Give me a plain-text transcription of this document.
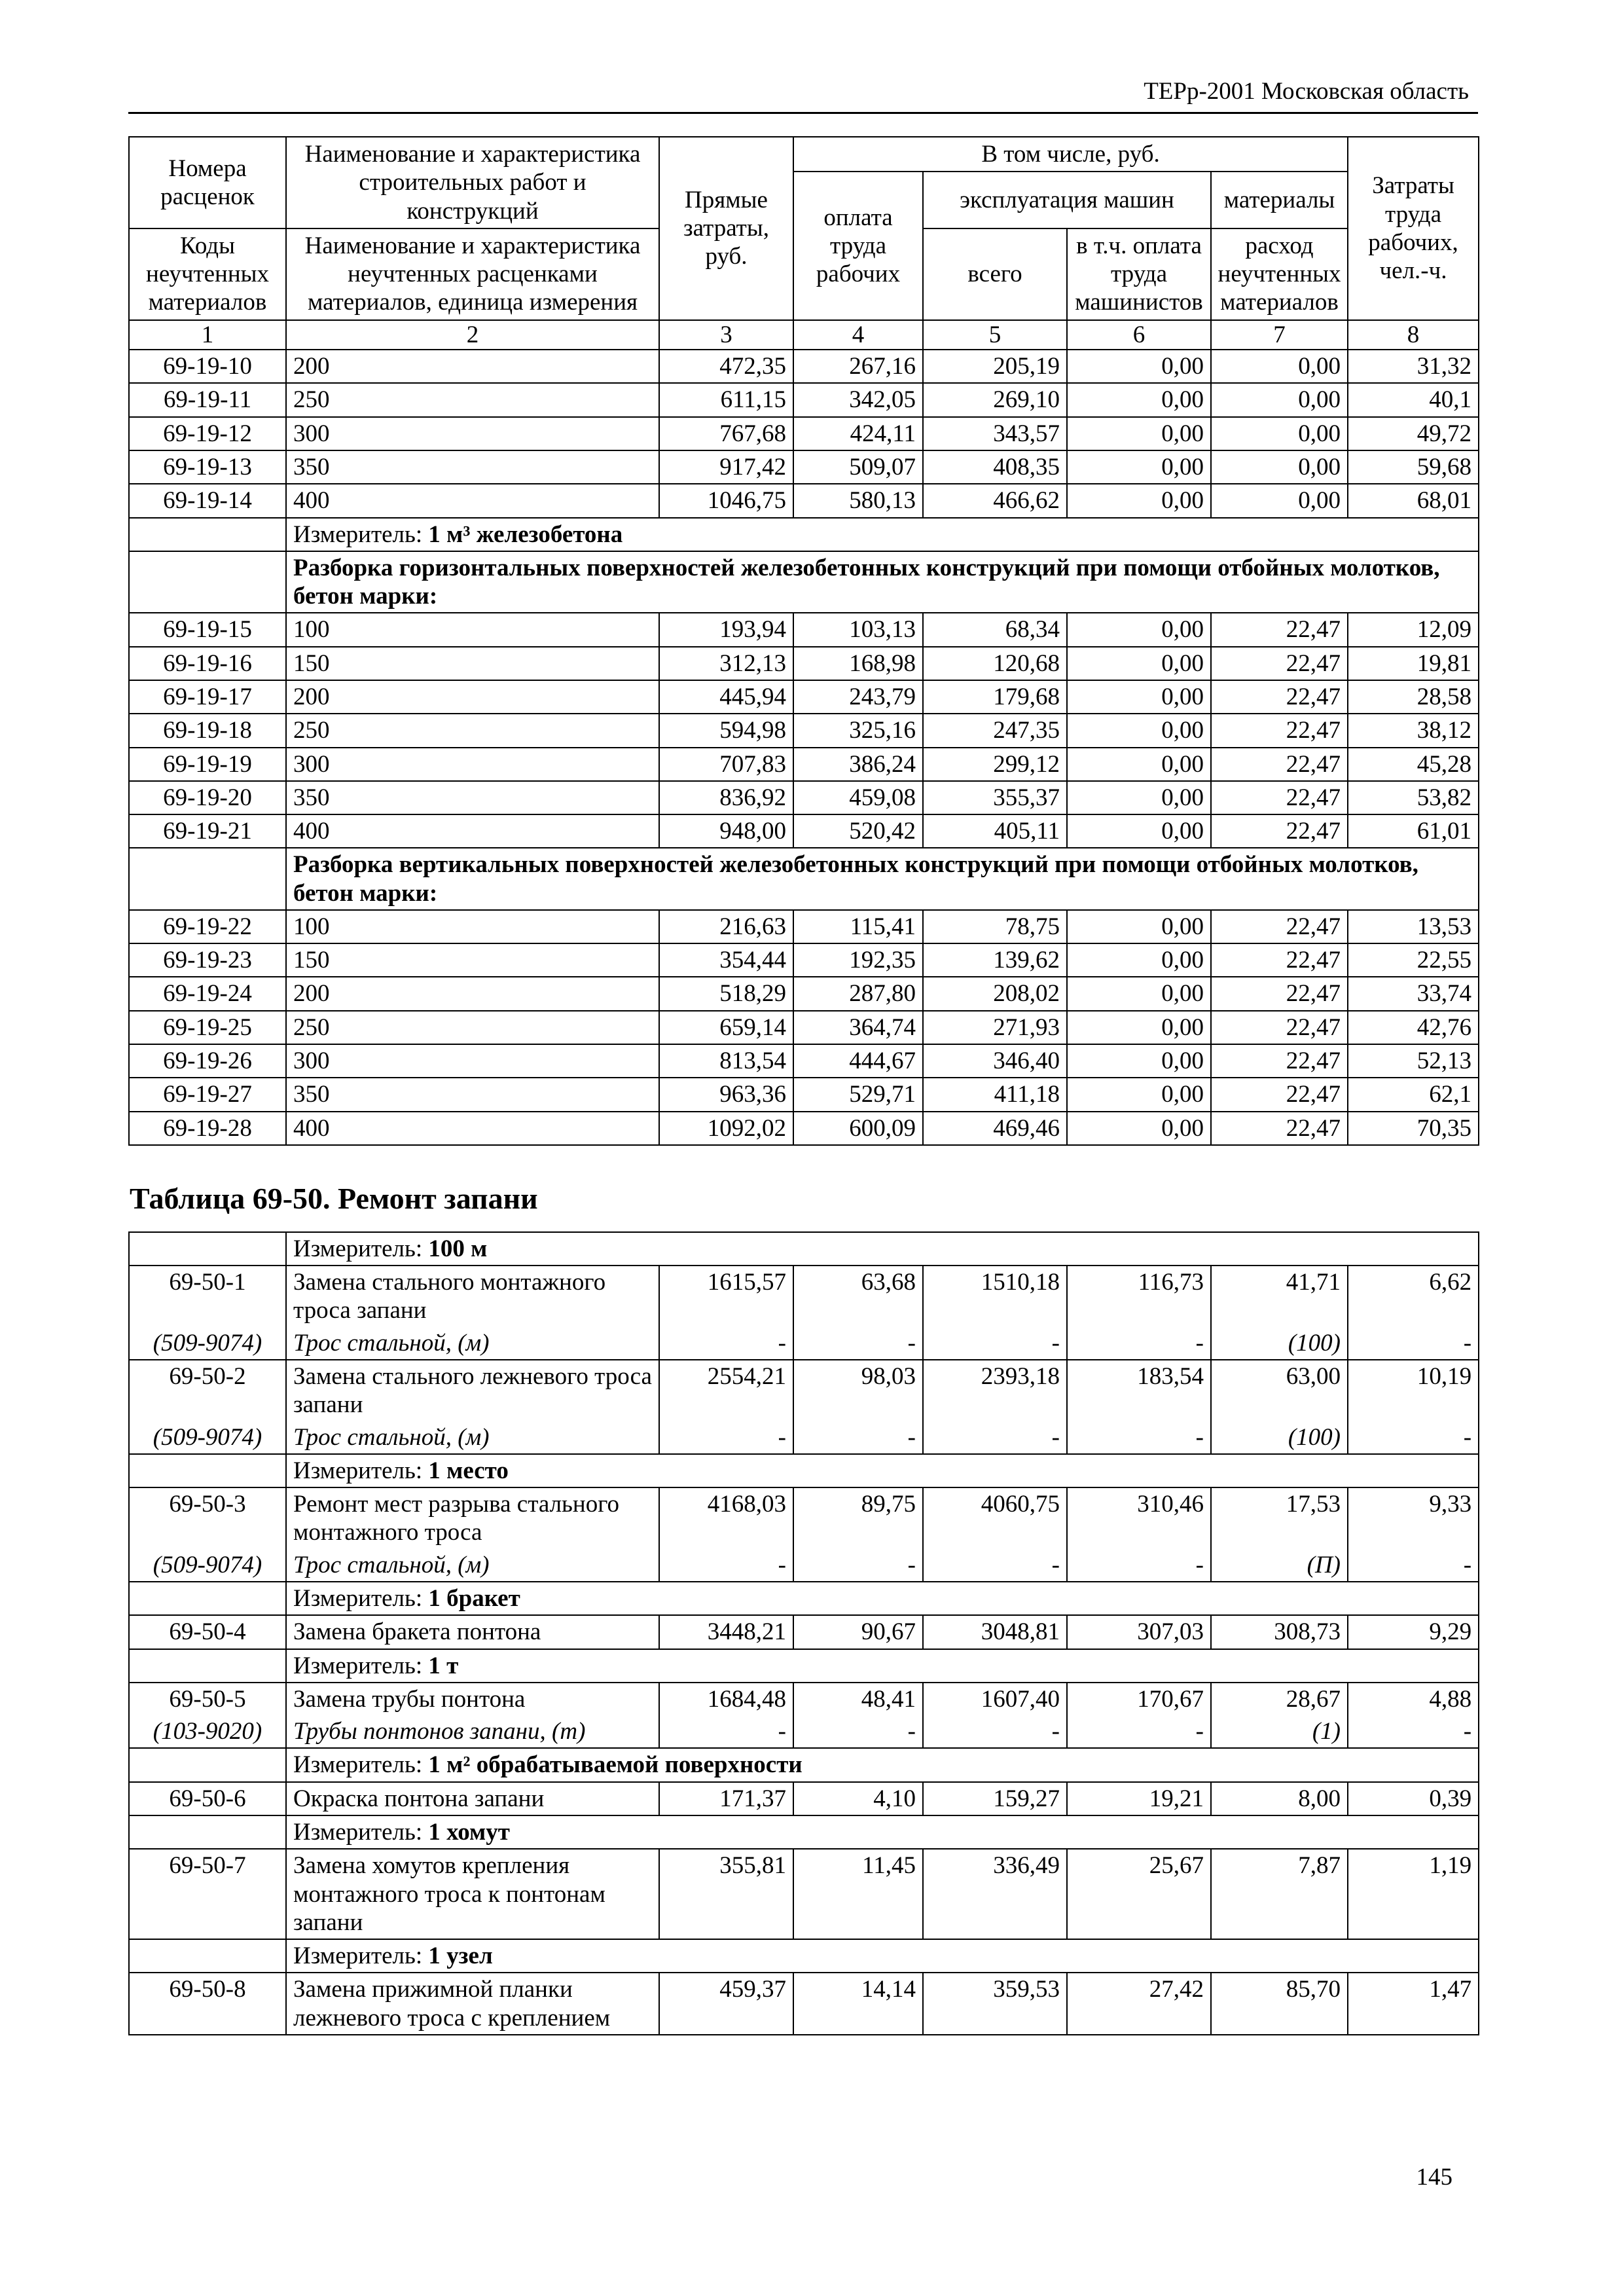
ТЕРр-2001 Московская область
Номера расценок	Наименование и характеристика строительных работ и конструкций	Прямые затраты, руб.	В том числе, руб.				Затраты труда рабочих, чел.-ч.
			оплата труда рабочих	эксплуатация машин		материалы	
Коды неучтенных материалов	Наименование и характеристика неучтенных расценками материалов, единица измерения			всего	в т.ч. оплата труда машинистов	расход неучтенных материалов	
1	2	3	4	5	6	7	8
69-19-10	200	472,35	267,16	205,19	0,00	0,00	31,32
69-19-11	250	611,15	342,05	269,10	0,00	0,00	40,1
69-19-12	300	767,68	424,11	343,57	0,00	0,00	49,72
69-19-13	350	917,42	509,07	408,35	0,00	0,00	59,68
69-19-14	400	1046,75	580,13	466,62	0,00	0,00	68,01
	Измеритель: 1 м³ железобетона						
	Разборка горизонтальных поверхностей железобетонных конструкций при помощи отбойных молотков, бетон марки:						
69-19-15	100	193,94	103,13	68,34	0,00	22,47	12,09
69-19-16	150	312,13	168,98	120,68	0,00	22,47	19,81
69-19-17	200	445,94	243,79	179,68	0,00	22,47	28,58
69-19-18	250	594,98	325,16	247,35	0,00	22,47	38,12
69-19-19	300	707,83	386,24	299,12	0,00	22,47	45,28
69-19-20	350	836,92	459,08	355,37	0,00	22,47	53,82
69-19-21	400	948,00	520,42	405,11	0,00	22,47	61,01
	Разборка вертикальных поверхностей железобетонных конструкций при помощи отбойных молотков, бетон марки:						
69-19-22	100	216,63	115,41	78,75	0,00	22,47	13,53
69-19-23	150	354,44	192,35	139,62	0,00	22,47	22,55
69-19-24	200	518,29	287,80	208,02	0,00	22,47	33,74
69-19-25	250	659,14	364,74	271,93	0,00	22,47	42,76
69-19-26	300	813,54	444,67	346,40	0,00	22,47	52,13
69-19-27	350	963,36	529,71	411,18	0,00	22,47	62,1
69-19-28	400	1092,02	600,09	469,46	0,00	22,47	70,35
Таблица 69-50. Ремонт запани
	Измеритель: 100 м						
69-50-1	Замена стального монтажного троса запани	1615,57	63,68	1510,18	116,73	41,71	6,62
(509-9074)	Трос стальной, (м)	-	-	-	-	(100)	-
69-50-2	Замена стального лежневого троса запани	2554,21	98,03	2393,18	183,54	63,00	10,19
(509-9074)	Трос стальной, (м)	-	-	-	-	(100)	-
	Измеритель: 1 место						
69-50-3	Ремонт мест разрыва стального монтажного троса	4168,03	89,75	4060,75	310,46	17,53	9,33
(509-9074)	Трос стальной, (м)	-	-	-	-	(П)	-
	Измеритель: 1 бракет						
69-50-4	Замена бракета понтона	3448,21	90,67	3048,81	307,03	308,73	9,29
	Измеритель: 1 т						
69-50-5	Замена трубы понтона	1684,48	48,41	1607,40	170,67	28,67	4,88
(103-9020)	Трубы понтонов запани, (т)	-	-	-	-	(1)	-
	Измеритель: 1 м² обрабатываемой поверхности						
69-50-6	Окраска понтона запани	171,37	4,10	159,27	19,21	8,00	0,39
	Измеритель: 1 хомут						
69-50-7	Замена хомутов крепления монтажного троса к понтонам запани	355,81	11,45	336,49	25,67	7,87	1,19
	Измеритель: 1 узел						
69-50-8	Замена прижимной планки лежневого троса с креплением	459,37	14,14	359,53	27,42	85,70	1,47
145
